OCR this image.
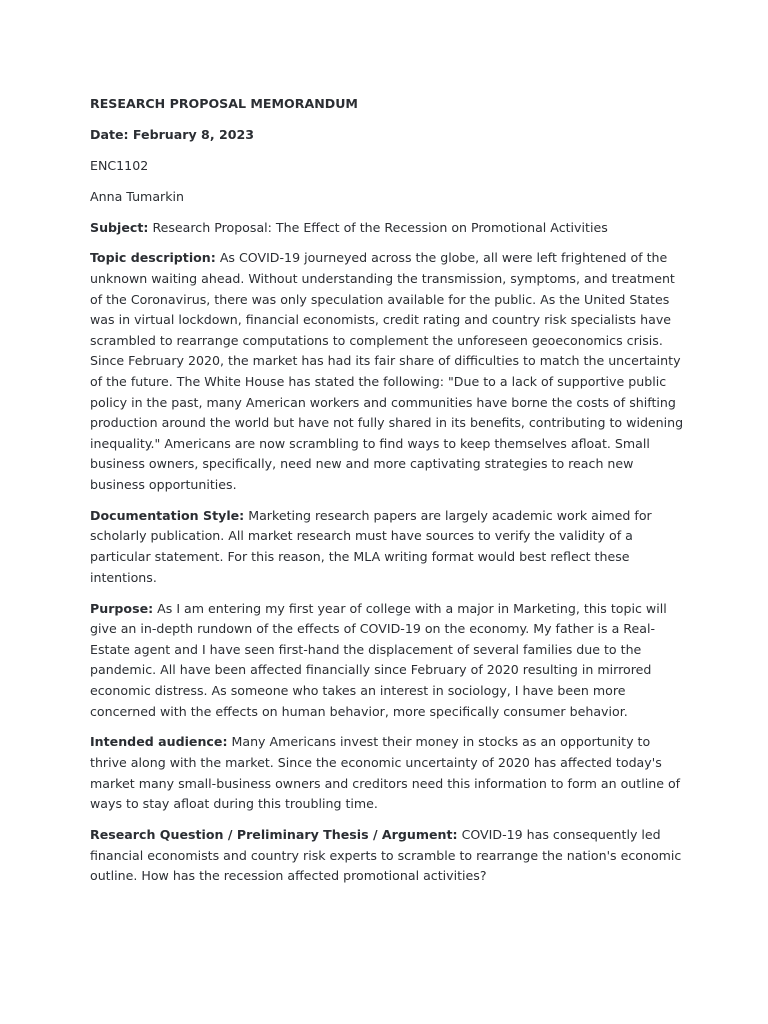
RESEARCH PROPOSAL MEMORANDUM
Date: February 8, 2023
ENC1102
Anna Tumarkin
Subject: Research Proposal: The Effect of the Recession on Promotional Activities
Topic description: As COVID-19 journeyed across the globe, all were left frightened of the unknown waiting ahead. Without understanding the transmission, symptoms, and treatment of the Coronavirus, there was only speculation available for the public. As the United States was in virtual lockdown, financial economists, credit rating and country risk specialists have scrambled to rearrange computations to complement the unforeseen geoeconomics crisis. Since February 2020, the market has had its fair share of difficulties to match the uncertainty of the future. The White House has stated the following: "Due to a lack of supportive public policy in the past, many American workers and communities have borne the costs of shifting production around the world but have not fully shared in its benefits, contributing to widening inequality." Americans are now scrambling to find ways to keep themselves afloat. Small business owners, specifically, need new and more captivating strategies to reach new business opportunities.
Documentation Style: Marketing research papers are largely academic work aimed for scholarly publication. All market research must have sources to verify the validity of a particular statement. For this reason, the MLA writing format would best reflect these intentions.
Purpose: As I am entering my first year of college with a major in Marketing, this topic will give an in-depth rundown of the effects of COVID-19 on the economy. My father is a Real-Estate agent and I have seen first-hand the displacement of several families due to the pandemic. All have been affected financially since February of 2020 resulting in mirrored economic distress. As someone who takes an interest in sociology, I have been more concerned with the effects on human behavior, more specifically consumer behavior.
Intended audience: Many Americans invest their money in stocks as an opportunity to thrive along with the market. Since the economic uncertainty of 2020 has affected today's market many small-business owners and creditors need this information to form an outline of ways to stay afloat during this troubling time.
Research Question / Preliminary Thesis / Argument: COVID-19 has consequently led financial economists and country risk experts to scramble to rearrange the nation's economic outline. How has the recession affected promotional activities?
